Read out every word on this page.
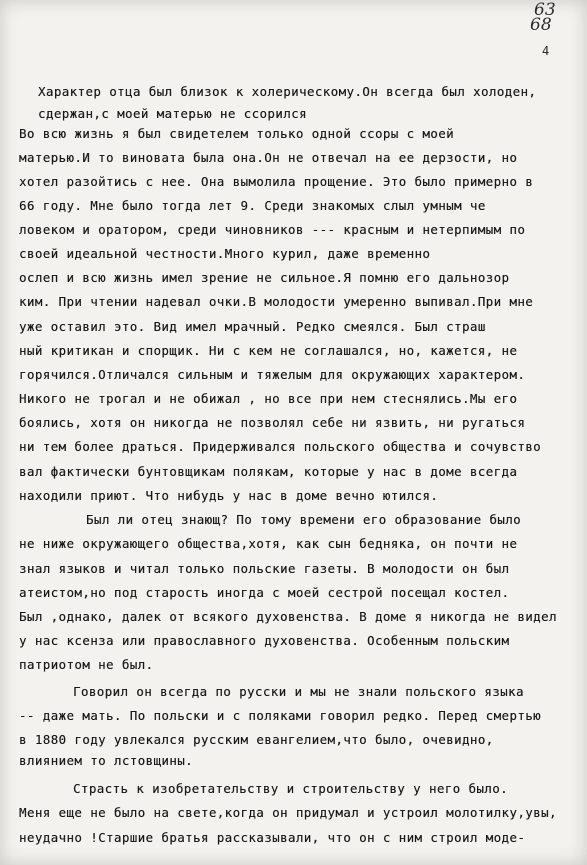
63
68
4
Характер отца был близок к холерическому.Он всегда был холоден,
сдержан,с моей матерью не ссорился
Во всю жизнь я был свидетелем только одной ссоры с моей
матерью.И то виновата была она.Он не отвечал на ее дерзости, но
хотел разойтись с нее. Она вымолила прощение. Это было примерно в
66 году. Мне было тогда лет 9. Среди знакомых слыл умным че
ловеком и оратором, среди чиновников --- красным и нетерпимым по
своей идеальной честности.Много курил, даже временно
ослеп и всю жизнь имел зрение не сильное.Я помню его дальнозор
ким. При чтении надевал очки.В молодости умеренно выпивал.При мне
уже оставил это. Вид имел мрачный. Редко смеялся. Был страш
ный критикан и спорщик. Ни с кем не соглашался, но, кажется, не
горячился.Отличался сильным и тяжелым для окружающих характером.
Никого не трогал и не обижал , но все при нем стеснялись.Мы его
боялись, хотя он никогда не позволял себе ни язвить, ни ругаться
ни тем более драться. Придерживался польского общества и сочувство
вал фактически бунтовщикам полякам, которые у нас в доме всегда
находили приют. Что нибудь у нас в доме вечно ютился.
Был ли отец знающ? По тому времени его образование было
не ниже окружающего общества,хотя, как сын бедняка, он почти не
знал языков и читал только польские газеты. В молодости он был
атеистом,но под старость иногда с моей сестрой посещал костел.
Был ,однако, далек от всякого духовенства. В доме я никогда не видел
у нас ксенза или православного духовенства. Особенным польским
патриотом не был.
Говорил он всегда по русски и мы не знали польского языка
-- даже мать. По польски и с поляками говорил редко. Перед смертью
в 1880 году увлекался русским евангелием,что было, очевидно,
влиянием то лстовщины.
Страсть к изобретательству и строительству у него было.
Меня еще не было на свете,когда он придумал и устроил молотилку,увы,
неудачно !Старшие братья рассказывали, что он с ним строил моде-
